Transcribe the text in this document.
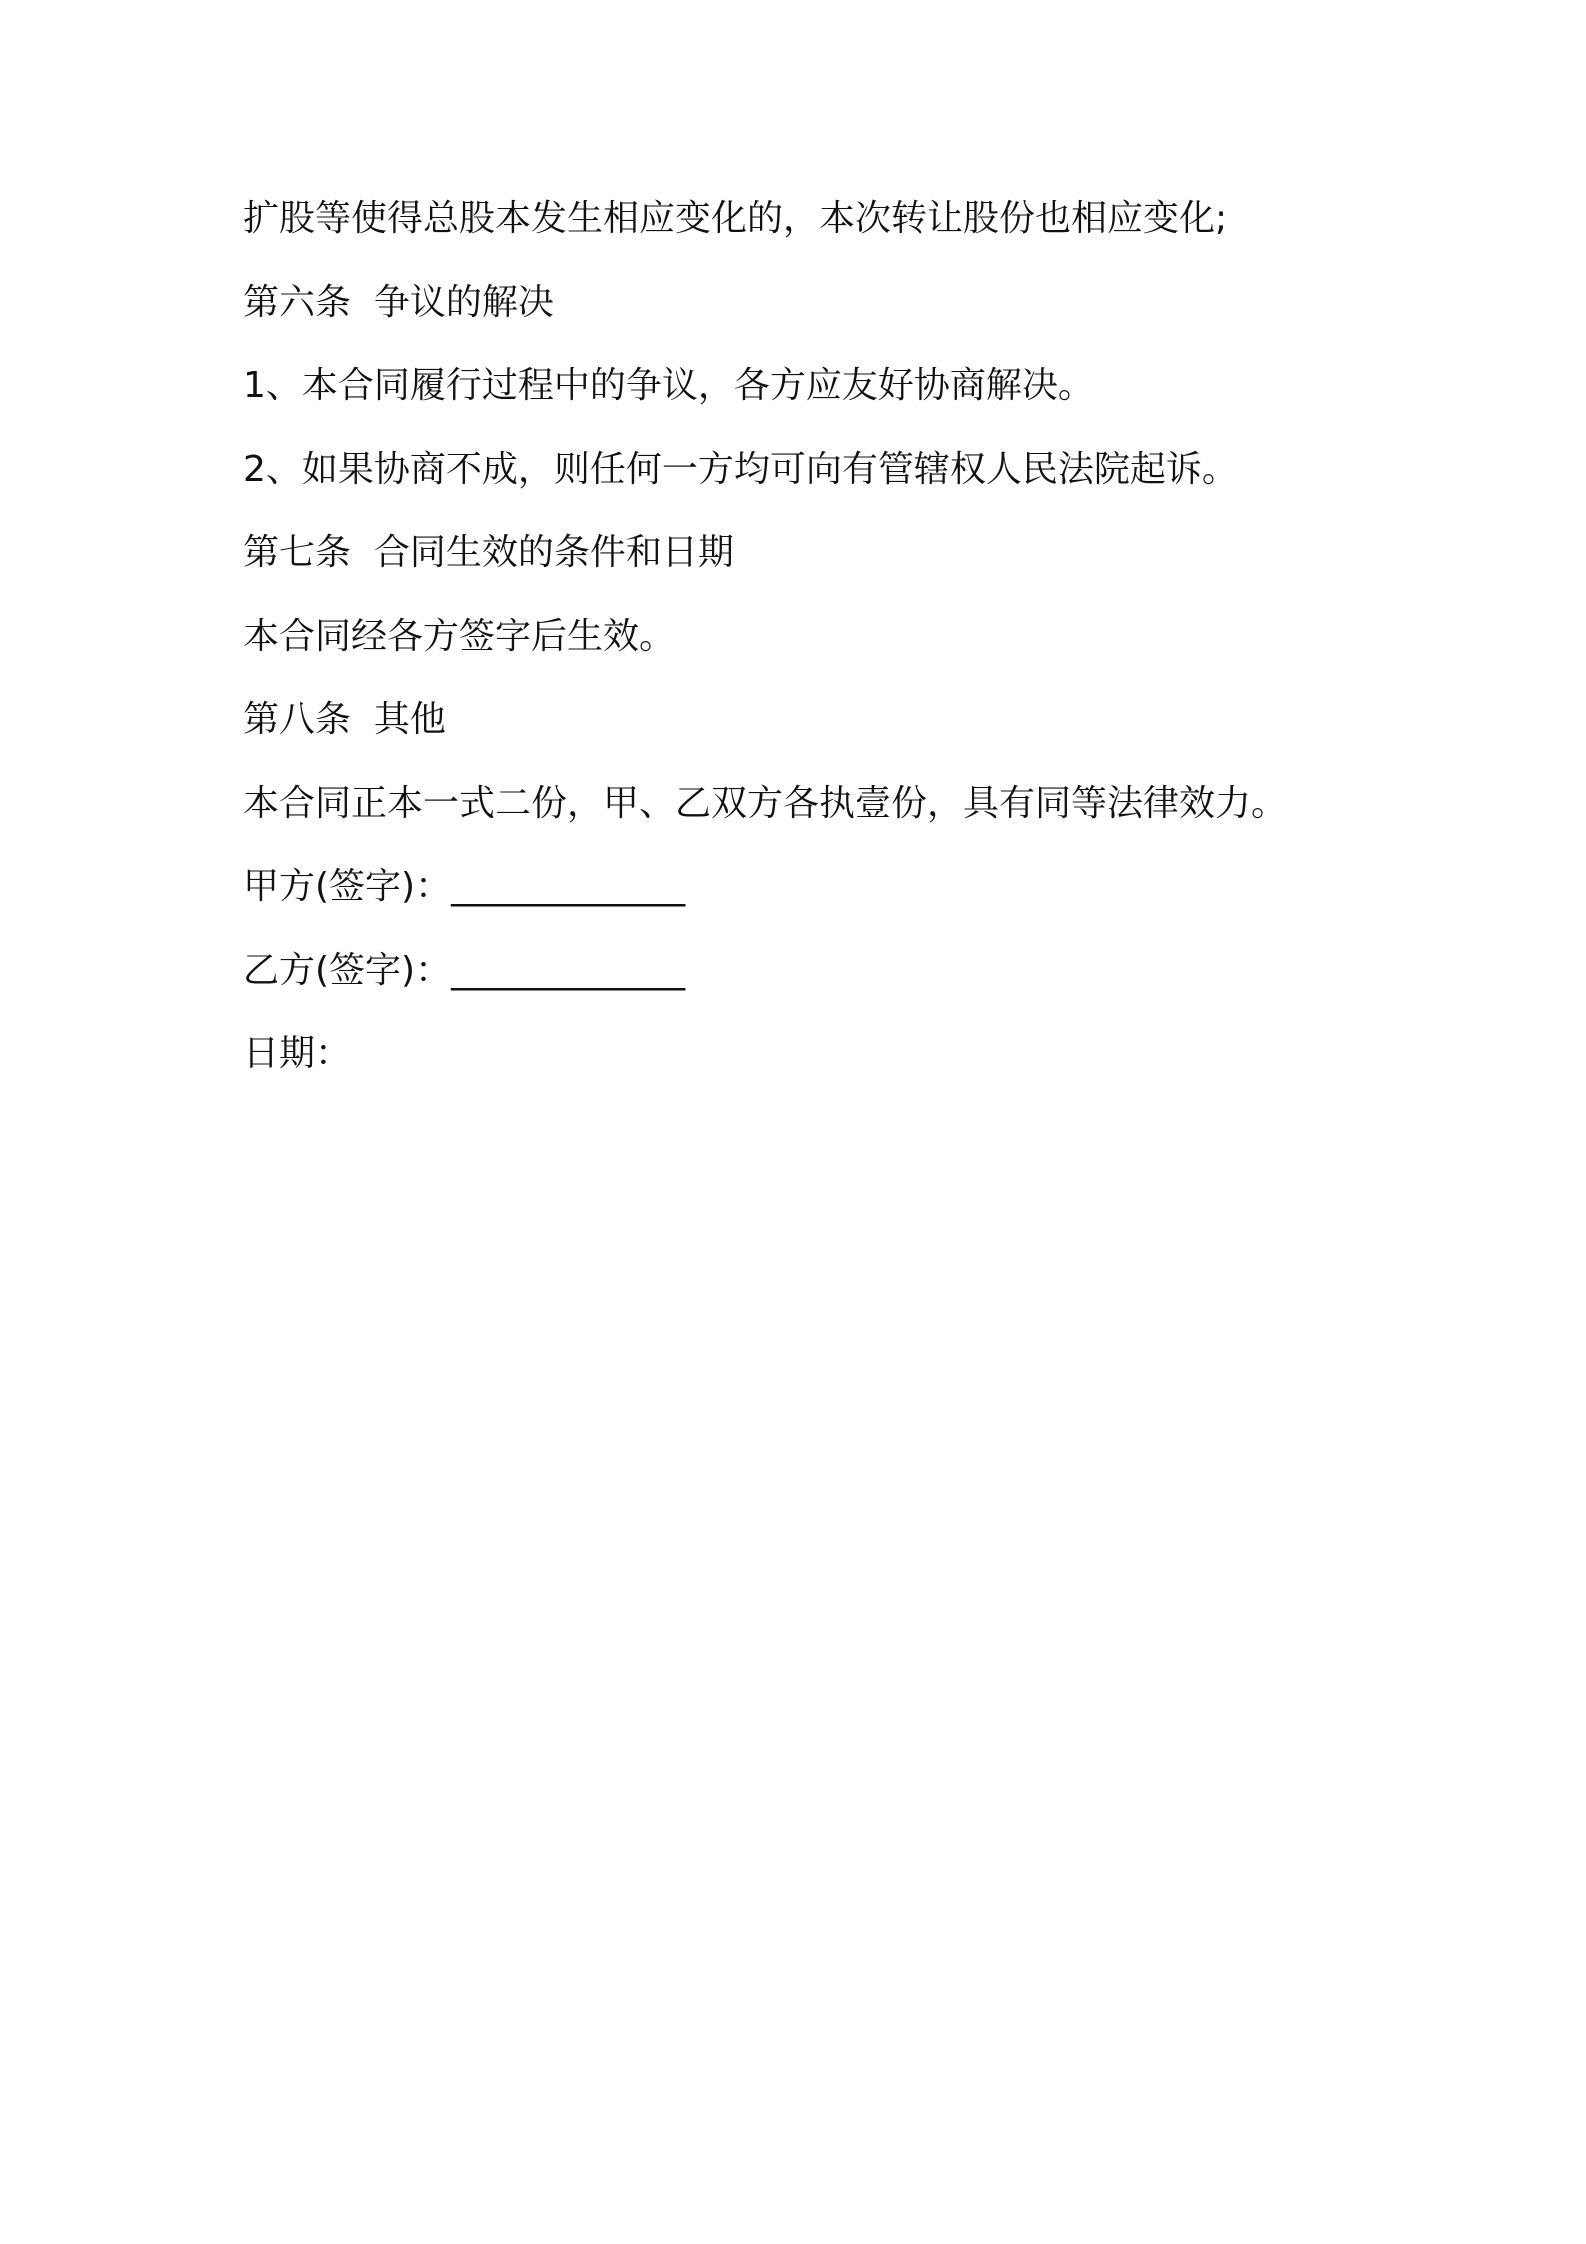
扩股等使得总股本发生相应变化的，本次转让股份也相应变化;
第六条  争议的解决
1、本合同履行过程中的争议，各方应友好协商解决。
2、如果协商不成，则任何一方均可向有管辖权人民法院起诉。
第七条  合同生效的条件和日期
本合同经各方签字后生效。
第八条  其他
本合同正本一式二份，甲、乙双方各执壹份，具有同等法律效力。
甲方(签字)：_____________
乙方(签字)：_____________
日期：
